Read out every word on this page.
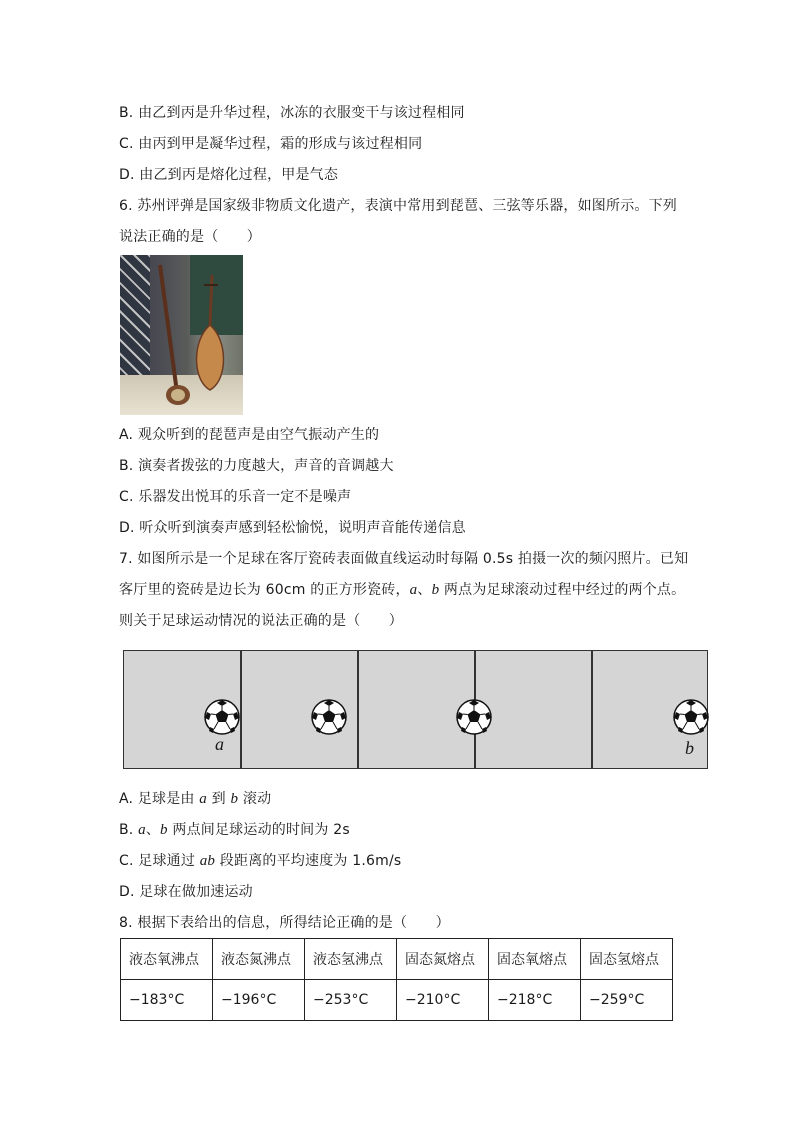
B. 由乙到丙是升华过程，冰冻的衣服变干与该过程相同
C. 由丙到甲是凝华过程，霜的形成与该过程相同
D. 由乙到丙是熔化过程，甲是气态
6. 苏州评弹是国家级非物质文化遗产，表演中常用到琵琶、三弦等乐器，如图所示。下列
说法正确的是（　　）
A. 观众听到的琵琶声是由空气振动产生的
B. 演奏者拨弦的力度越大，声音的音调越大
C. 乐器发出悦耳的乐音一定不是噪声
D. 听众听到演奏声感到轻松愉悦，说明声音能传递信息
7. 如图所示是一个足球在客厅瓷砖表面做直线运动时每隔 0.5s 拍摄一次的频闪照片。已知
客厅里的瓷砖是边长为 60cm 的正方形瓷砖，a、b 两点为足球滚动过程中经过的两个点。
则关于足球运动情况的说法正确的是（　　）
a	b
A. 足球是由 a 到 b 滚动
B. a、b 两点间足球运动的时间为 2s
C. 足球通过 ab 段距离的平均速度为 1.6m/s
D. 足球在做加速运动
8. 根据下表给出的信息，所得结论正确的是（　　）
液态氧沸点	液态氮沸点	液态氢沸点	固态氮熔点	固态氧熔点	固态氢熔点
−183°C	−196°C	−253°C	−210°C	−218°C	−259°C
